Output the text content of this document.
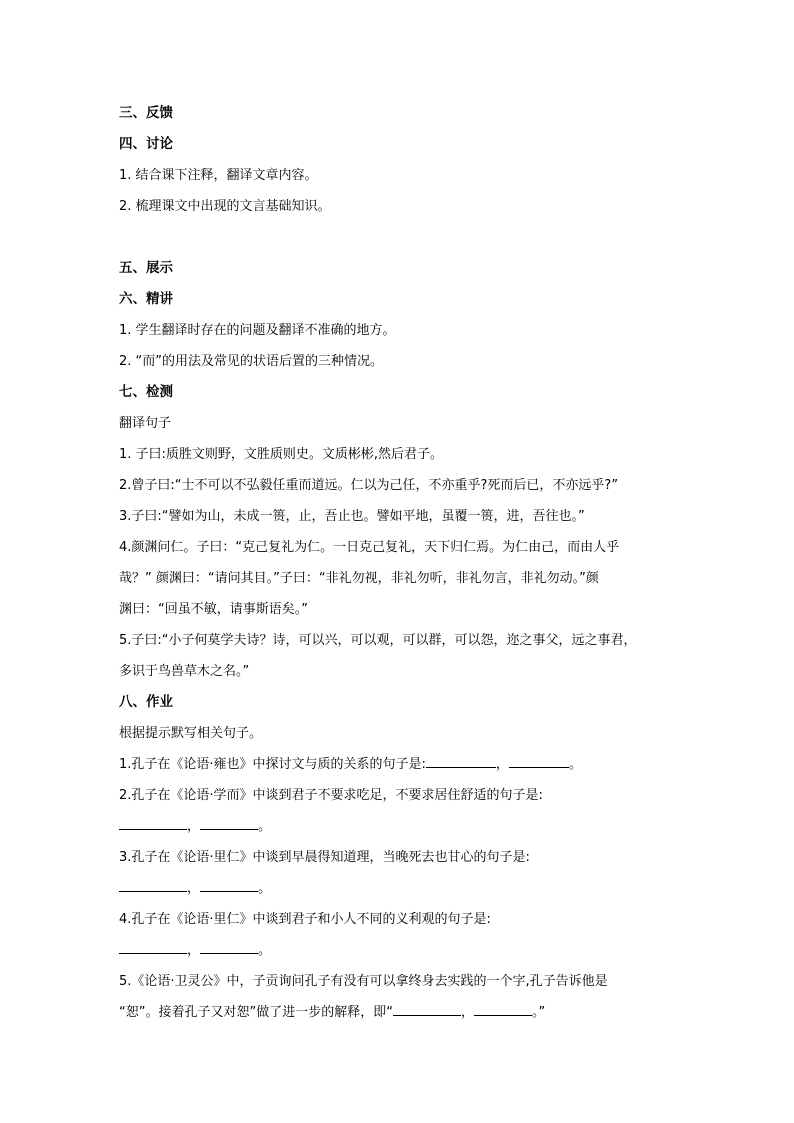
三、反馈
四、讨论
1. 结合课下注释，翻译文章内容。
2. 梳理课文中出现的文言基础知识。
五、展示
六、精讲
1. 学生翻译时存在的问题及翻译不准确的地方。
2. “而”的用法及常见的状语后置的三种情况。
七、检测
翻译句子
1. 子曰:质胜文则野，文胜质则史。文质彬彬,然后君子。
2.曾子曰:“士不可以不弘毅任重而道远。仁以为己任，不亦重乎?死而后已，不亦远乎?”
3.子曰:“譬如为山，未成一篑，止，吾止也。譬如平地，虽覆一篑，进，吾往也。”
4.颜渊问仁。子曰：“克己复礼为仁。一日克己复礼，天下归仁焉。为仁由己，而由人乎
哉？” 颜渊曰：“请问其目。”子曰：“非礼勿视，非礼勿听，非礼勿言，非礼勿动。”颜
渊曰：“回虽不敏，请事斯语矣。”
5.子曰:“小子何莫学夫诗？诗，可以兴，可以观，可以群，可以怨，迩之事父，远之事君，
多识于鸟兽草木之名。”
八、作业
根据提示默写相关句子。
1.孔子在《论语·雍也》中探讨文与质的关系的句子是:	，	。
2.孔子在《论语·学而》中谈到君子不要求吃足，不要求居住舒适的句子是:
，	。
3.孔子在《论语·里仁》中谈到早晨得知道理，当晚死去也甘心的句子是:
，	。
4.孔子在《论语·里仁》中谈到君子和小人不同的义利观的句子是:
，	。
5.《论语·卫灵公》中，子贡询问孔子有没有可以拿终身去实践的一个字,孔子告诉他是
“恕”。接着孔子又对恕”做了进一步的解释，即“	，	。”
